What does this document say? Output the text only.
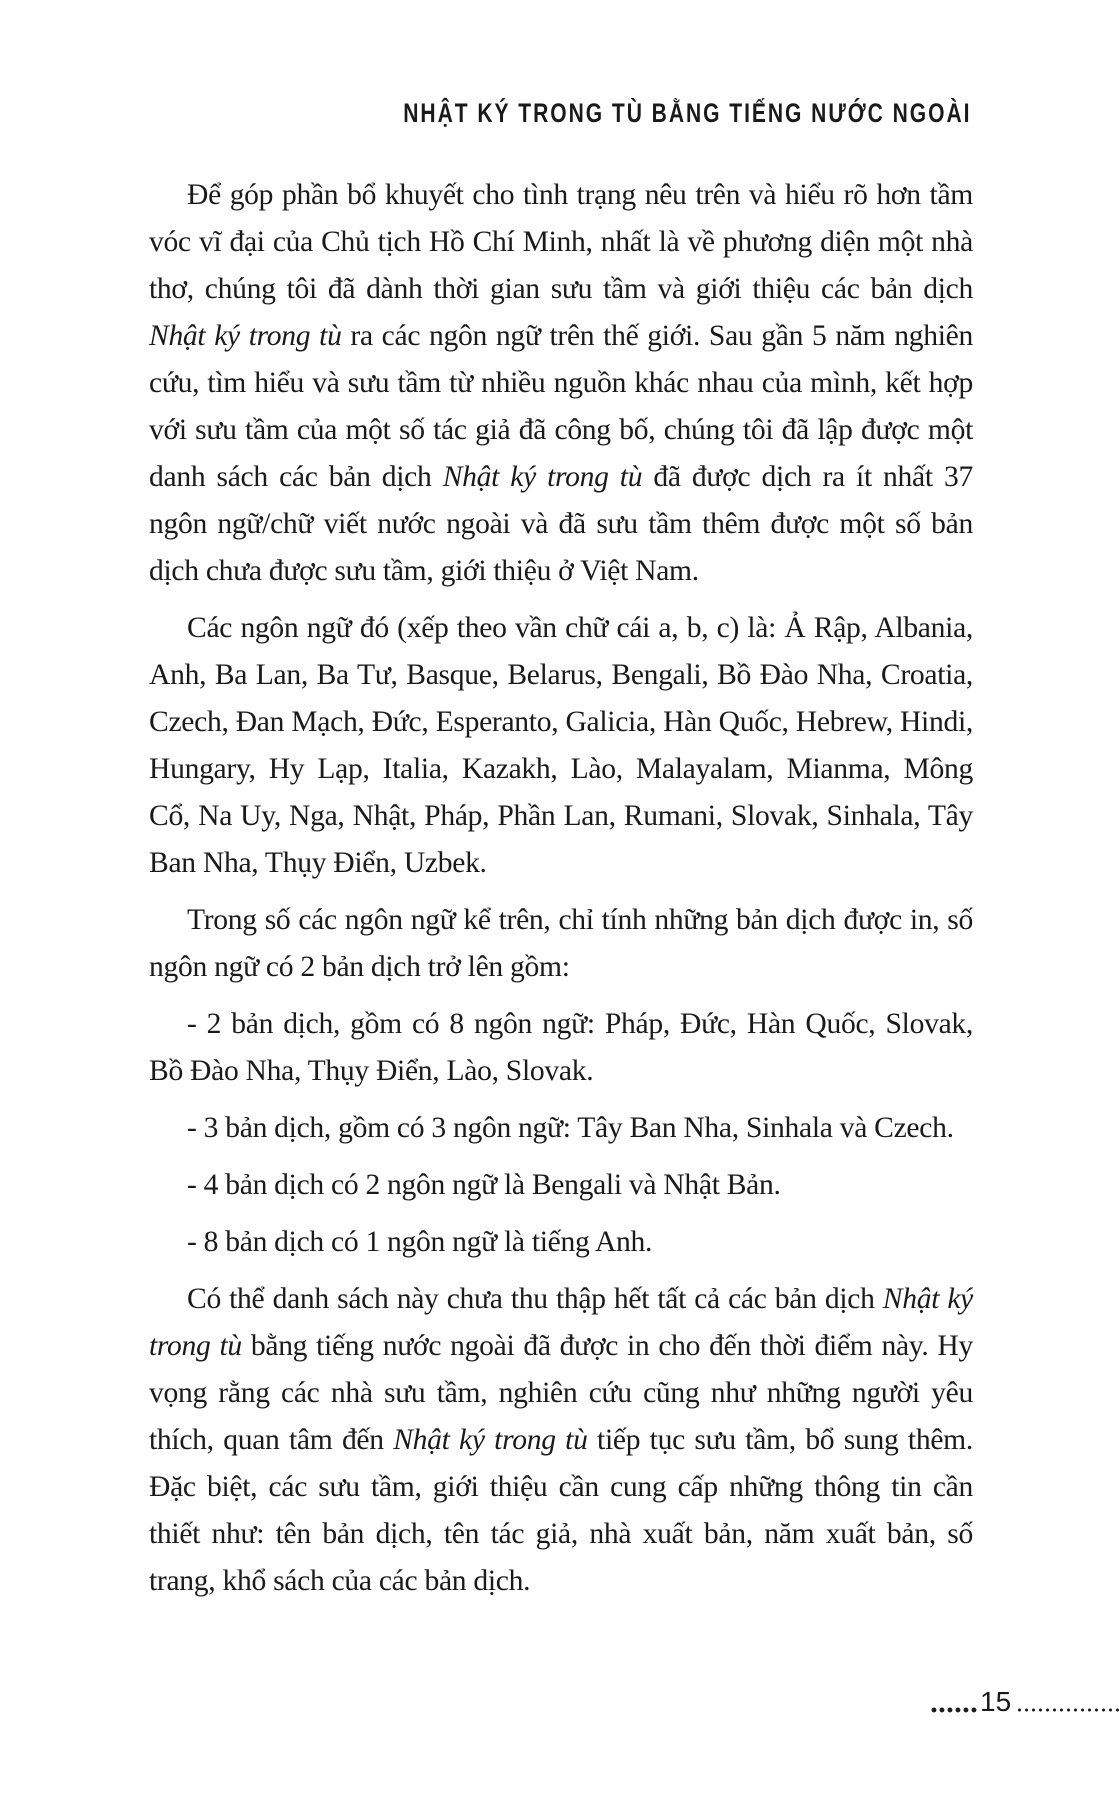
NHẬT KÝ TRONG TÙ BẰNG TIẾNG NƯỚC NGOÀI

Để góp phần bổ khuyết cho tình trạng nêu trên và hiểu rõ hơn tầm vóc vĩ đại của Chủ tịch Hồ Chí Minh, nhất là về phương diện một nhà thơ, chúng tôi đã dành thời gian sưu tầm và giới thiệu các bản dịch Nhật ký trong tù ra các ngôn ngữ trên thế giới. Sau gần 5 năm nghiên cứu, tìm hiểu và sưu tầm từ nhiều nguồn khác nhau của mình, kết hợp với sưu tầm của một số tác giả đã công bố, chúng tôi đã lập được một danh sách các bản dịch Nhật ký trong tù đã được dịch ra ít nhất 37 ngôn ngữ/chữ viết nước ngoài và đã sưu tầm thêm được một số bản dịch chưa được sưu tầm, giới thiệu ở Việt Nam.

Các ngôn ngữ đó (xếp theo vần chữ cái a, b, c) là: Ả Rập, Albania, Anh, Ba Lan, Ba Tư, Basque, Belarus, Bengali, Bồ Đào Nha, Croatia, Czech, Đan Mạch, Đức, Esperanto, Galicia, Hàn Quốc, Hebrew, Hindi, Hungary, Hy Lạp, Italia, Kazakh, Lào, Malayalam, Mianma, Mông Cổ, Na Uy, Nga, Nhật, Pháp, Phần Lan, Rumani, Slovak, Sinhala, Tây Ban Nha, Thụy Điển, Uzbek.

Trong số các ngôn ngữ kể trên, chỉ tính những bản dịch được in, số ngôn ngữ có 2 bản dịch trở lên gồm:

- 2 bản dịch, gồm có 8 ngôn ngữ: Pháp, Đức, Hàn Quốc, Slovak, Bồ Đào Nha, Thụy Điển, Lào, Slovak.

- 3 bản dịch, gồm có 3 ngôn ngữ: Tây Ban Nha, Sinhala và Czech.

- 4 bản dịch có 2 ngôn ngữ là Bengali và Nhật Bản.

- 8 bản dịch có 1 ngôn ngữ là tiếng Anh.

Có thể danh sách này chưa thu thập hết tất cả các bản dịch Nhật ký trong tù bằng tiếng nước ngoài đã được in cho đến thời điểm này. Hy vọng rằng các nhà sưu tầm, nghiên cứu cũng như những người yêu thích, quan tâm đến Nhật ký trong tù tiếp tục sưu tầm, bổ sung thêm. Đặc biệt, các sưu tầm, giới thiệu cần cung cấp những thông tin cần thiết như: tên bản dịch, tên tác giả, nhà xuất bản, năm xuất bản, số trang, khổ sách của các bản dịch.

15
